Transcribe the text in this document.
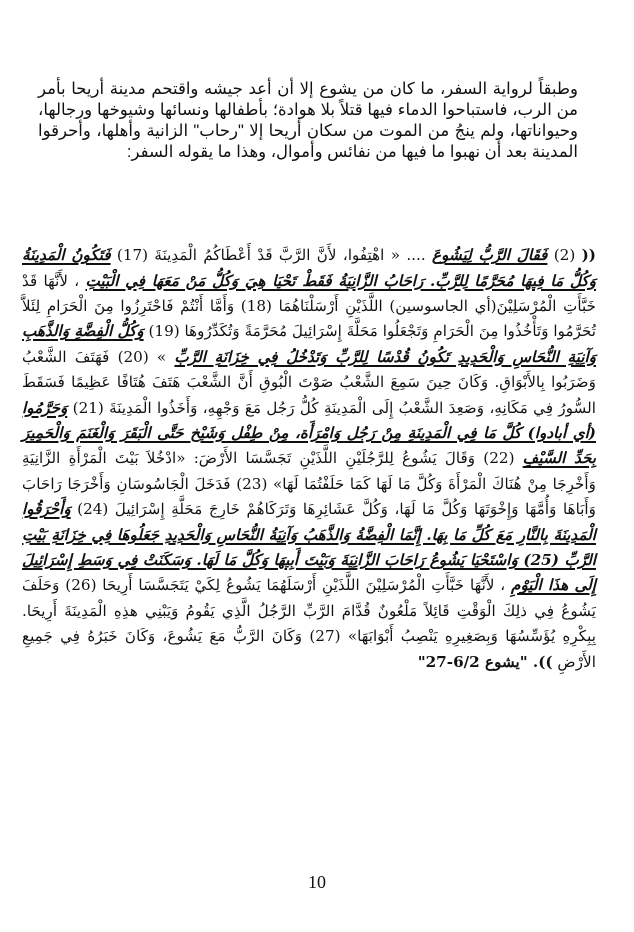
وطبقاً لرواية السفر، ما كان من يشوع إلا أن أعد جيشه واقتحم مدينة أريحا بأمر من الرب، فاستباحوا الدماء فيها قتلاً بلا هوادة؛ بأطفالها ونسائها وشيوخها ورجالها، وحيواناتها، ولم ينجُ من الموت من سكان أريحا إلا "رحاب" الزانية وأهلها، وأحرقوا المدينة بعد أن نهبوا ما فيها من نفائس وأموال، وهذا ما يقوله السفر:

(( (2) فَقَالَ الرَّبُّ لِيَشُوعَ .... « اهْتِفُوا، لأَنَّ الرَّبَّ قَدْ أَعْطَاكُمُ الْمَدِينَةَ (17) فَتَكُونُ الْمَدِينَةُ وَكُلُّ مَا فِيهَا مُحَرَّمًا لِلرَّبِّ. رَاحَابُ الزَّانِيَةُ فَقَطْ تَحْيَا هِيَ وَكُلُّ مَنْ مَعَهَا فِي الْبَيْتِ ، لأَنَّهَا قَدْ خَبَّأَتِ الْمُرْسَلِيْنَ(أي الجاسوسين) اللَّذَيْنِ أَرْسَلْنَاهُمَا (18) وَأَمَّا أَنْتُمْ فَاحْتَرِزُوا مِنَ الْحَرَامِ لِئَلاَّ تُحَرَّمُوا وَتَأْخُذُوا مِنَ الْحَرَامِ وَتَجْعَلُوا مَحَلَّةَ إِسْرَائِيلَ مُحَرَّمَةً وَتُكَدِّرُوهَا (19) وَكُلُّ الْفِضَّةِ وَالذَّهَبِ وَآنِيَةِ النُّحَاسِ وَالْحَدِيدِ تَكُونُ قُدْسًا لِلرَّبِّ وَتَدْخُلُ فِي خِزَانَةِ الرَّبِّ » (20) فَهَتَفَ الشَّعْبُ وَضَرَبُوا بِالأَبْوَاقِ. وَكَانَ حِينَ سَمِعَ الشَّعْبُ صَوْتَ الْبُوقِ أَنَّ الشَّعْبَ هَتَفَ هُتَافًا عَظِيمًا فَسَقَطَ السُّورُ فِي مَكَانِهِ، وَصَعِدَ الشَّعْبُ إِلَى الْمَدِينَةِ كُلُّ رَجُل مَعَ وَجْهِهِ، وَأَخَذُوا الْمَدِينَةَ (21) وَحَرَّمُوا (أي أبادوا) كُلَّ مَا فِي الْمَدِينَةِ مِنْ رَجُل وَامْرَأَة، مِنْ طِفْل وَشَيْخ حَتَّى الْبَقَرَ وَالْغَنَمَ وَالْحَمِيرَ بِحَدِّ السَّيْفِ (22) وَقَالَ يَشُوعُ لِلرَّجُلَيْنِ اللَّذَيْنِ تَجَسَّسَا الأَرْضَ: «ادْخُلاَ بَيْتَ الْمَرْأَةِ الزَّانِيَةِ وَأَخْرِجَا مِنْ هُنَاكَ الْمَرْأَةَ وَكُلَّ مَا لَهَا كَمَا حَلَفْتُمَا لَهَا» (23) فَدَخَلَ الْجَاسُوسَانِ وَأَخْرَجَا رَاحَابَ وَأَبَاهَا وَأُمَّهَا وَإِخْوَتَهَا وَكُلَّ مَا لَهَا، وَكُلَّ عَشَائِرِهَا وَتَرَكَاهُمْ خَارِجَ مَحَلَّةِ إِسْرَائِيلَ (24) وَأَحْرَقُوا الْمَدِينَةَ بِالنَّارِ مَعَ كُلِّ مَا بِهَا. إِنَّمَا الْفِضَّةُ وَالذَّهَبُ وَآنِيَةُ النُّحَاسِ وَالْحَدِيدِ جَعَلُوهَا فِي خِزَانَةِ بَيْتِ الرَّبِّ (25) وَاسْتَحْيَا يَشُوعُ رَاحَابَ الزَّانِيَةَ وَبَيْتَ أَبِيهَا وَكُلَّ مَا لَهَا. وَسَكَنَتْ فِي وَسَطِ إِسْرَائِيلَ إِلَى هذَا الْيَوْمِ ، لأَنَّهَا خَبَّأَتِ الْمُرْسَلِيْنَ اللَّذَيْنِ أَرْسَلَهُمَا يَشُوعُ لِكَيْ يَتَجَسَّسَا أَرِيحَا (26) وَحَلَفَ يَشُوعُ فِي ذلِكَ الْوَقْتِ قَائِلاً مَلْعُونٌ قُدَّامَ الرَّبِّ الرَّجُلُ الَّذِي يَقُومُ وَيَبْنِي هذِهِ الْمَدِينَةَ أَرِيحَا. بِبِكْرِهِ يُؤَسِّسُهَا وَبِصَغِيرِهِ يَنْصِبُ أَبْوَابَهَا» (27) وَكَانَ الرَّبُّ مَعَ يَشُوعَ، وَكَانَ خَبَرُهُ فِي جَمِيعِ الأَرْضِ )). "يشوع 6/2-27"

10
